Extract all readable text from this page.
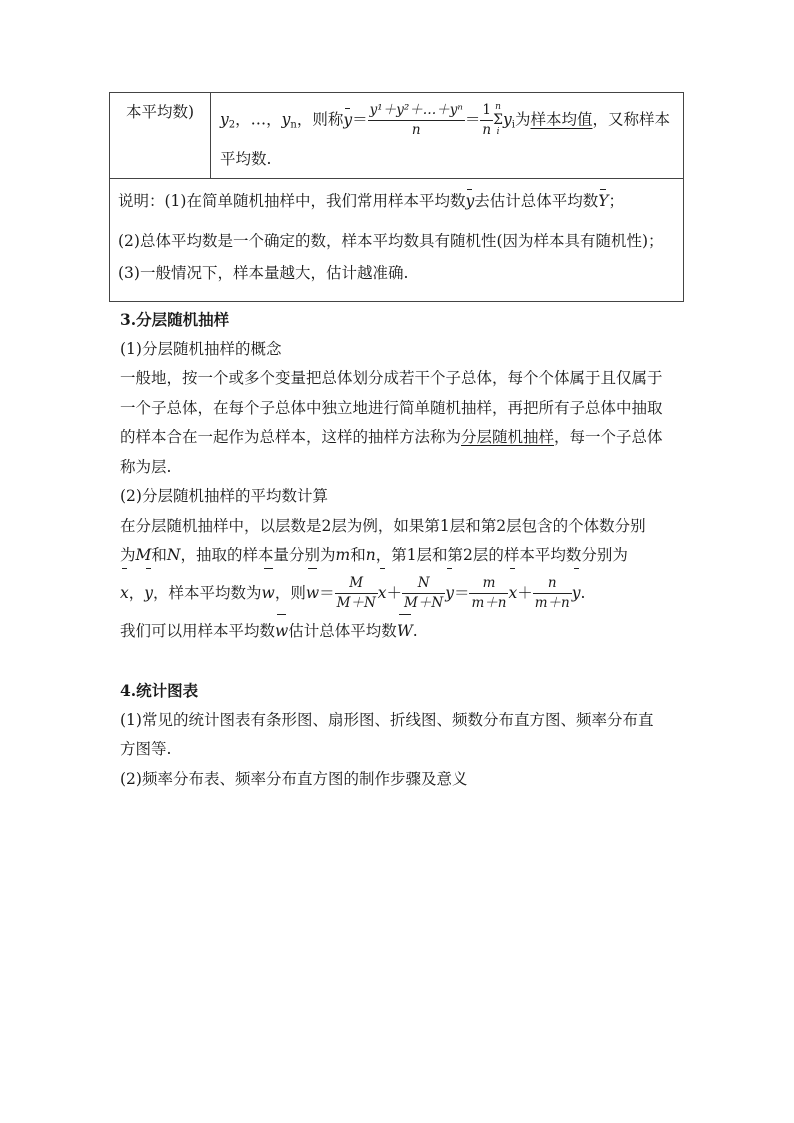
本平均数)	$y_2$，…，$y_n$，则称$y= \frac{\text{y¹＋y²＋…＋yⁿ}}{n} = \frac{1}{n}$ n
Σ
i
$y_i$为样本均值，又称样本
平均数.
说明：(1)在简单随机抽样中，我们常用样本平均数y去估计总体平均数Y；
(2)总体平均数是一个确定的数，样本平均数具有随机性(因为样本具有随机性)；
(3)一般情况下，样本量越大，估计越准确.
3.分层随机抽样
(1)分层随机抽样的概念
一般地，按一个或多个变量把总体划分成若干个子总体，每个个体属于且仅属于
一个子总体，在每个子总体中独立地进行简单随机抽样，再把所有子总体中抽取
的样本合在一起作为总样本，这样的抽样方法称为分层随机抽样，每一个子总体
称为层.
(2)分层随机抽样的平均数计算
在分层随机抽样中，以层数是2层为例，如果第1层和第2层包含的个体数分别
为M和N，抽取的样本量分别为m和n，第1层和第2层的样本平均数分别为
x，y，样本平均数为w，则$w= \frac{M}{M+N} x+ \frac{N}{M+N} y= \frac{m}{m+n} x+ \frac{n}{m+n} y$.
我们可以用样本平均数w估计总体平均数W.
4.统计图表
(1)常见的统计图表有条形图、扇形图、折线图、频数分布直方图、频率分布直
方图等.
(2)频率分布表、频率分布直方图的制作步骤及意义
